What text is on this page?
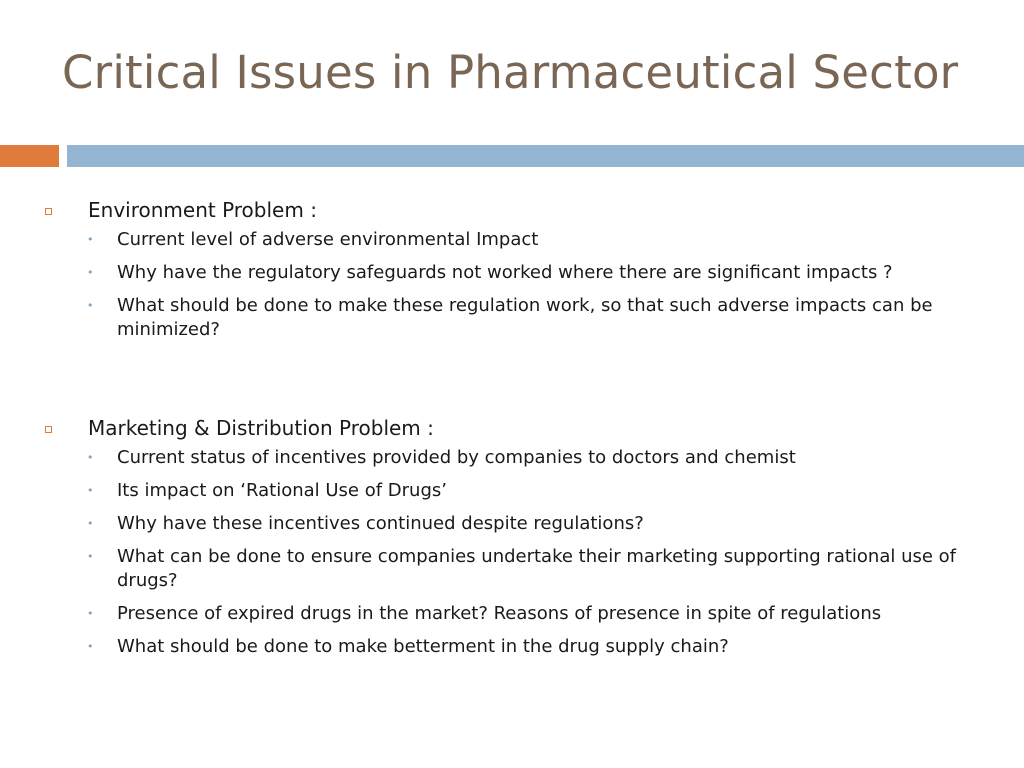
Critical Issues in Pharmaceutical Sector
Environment Problem :
• Current level of adverse environmental Impact
• Why have the regulatory safeguards not worked where there are significant impacts ?
• What should be done to make these regulation work, so that such adverse impacts can be minimized?
Marketing & Distribution Problem :
• Current status of incentives provided by companies to doctors and chemist
• Its impact on ‘Rational Use of Drugs’
• Why have these incentives continued despite regulations?
• What can be done to ensure companies undertake their marketing supporting rational use of drugs?
• Presence of expired drugs in the market? Reasons of presence in spite of regulations
• What should be done to make betterment in the drug supply chain?
